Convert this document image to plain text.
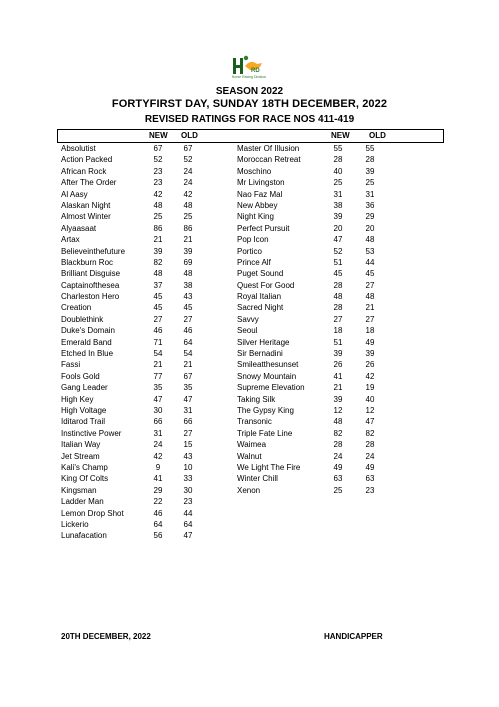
RD
Horse Racing Division
SEASON 2022
FORTYFIRST DAY, SUNDAY 18TH DECEMBER, 2022
REVISED RATINGS FOR RACE NOS 411-419
NEW OLD	NEW OLD
Absolutist	67	67
Action Packed	52	52
African Rock	23	24
After The Order	23	24
Al Aasy	42	42
Alaskan Night	48	48
Almost Winter	25	25
Alyaasaat	86	86
Artax	21	21
Believeinthefuture	39	39
Blackburn Roc	82	69
Brilliant Disguise	48	48
Captainofthesea	37	38
Charleston Hero	45	43
Creation	45	45
Doublethink	27	27
Duke's Domain	46	46
Emerald Band	71	64
Etched In Blue	54	54
Fassi	21	21
Fools Gold	77	67
Gang Leader	35	35
High Key	47	47
High Voltage	30	31
Iditarod Trail	66	66
Instinctive Power	31	27
Italian Way	24	15
Jet Stream	42	43
Kali's Champ	9	10
King Of Colts	41	33
Kingsman	29	30
Ladder Man	22	23
Lemon Drop Shot	46	44
Lickerio	64	64
Lunafacation	56	47
Master Of Illusion	55	55
Moroccan Retreat	28	28
Moschino	40	39
Mr Livingston	25	25
Nao Faz Mal	31	31
New Abbey	38	36
Night King	39	29
Perfect Pursuit	20	20
Pop Icon	47	48
Portico	52	53
Prince Alf	51	44
Puget Sound	45	45
Quest For Good	28	27
Royal Italian	48	48
Sacred Night	28	21
Savvy	27	27
Seoul	18	18
Silver Heritage	51	49
Sir Bernadini	39	39
Smileatthesunset	26	26
Snowy Mountain	41	42
Supreme Elevation	21	19
Taking Silk	39	40
The Gypsy King	12	12
Transonic	48	47
Triple Fate Line	82	82
Waimea	28	28
Walnut	24	24
We Light The Fire	49	49
Winter Chill	63	63
Xenon	25	23
20TH DECEMBER, 2022	HANDICAPPER
